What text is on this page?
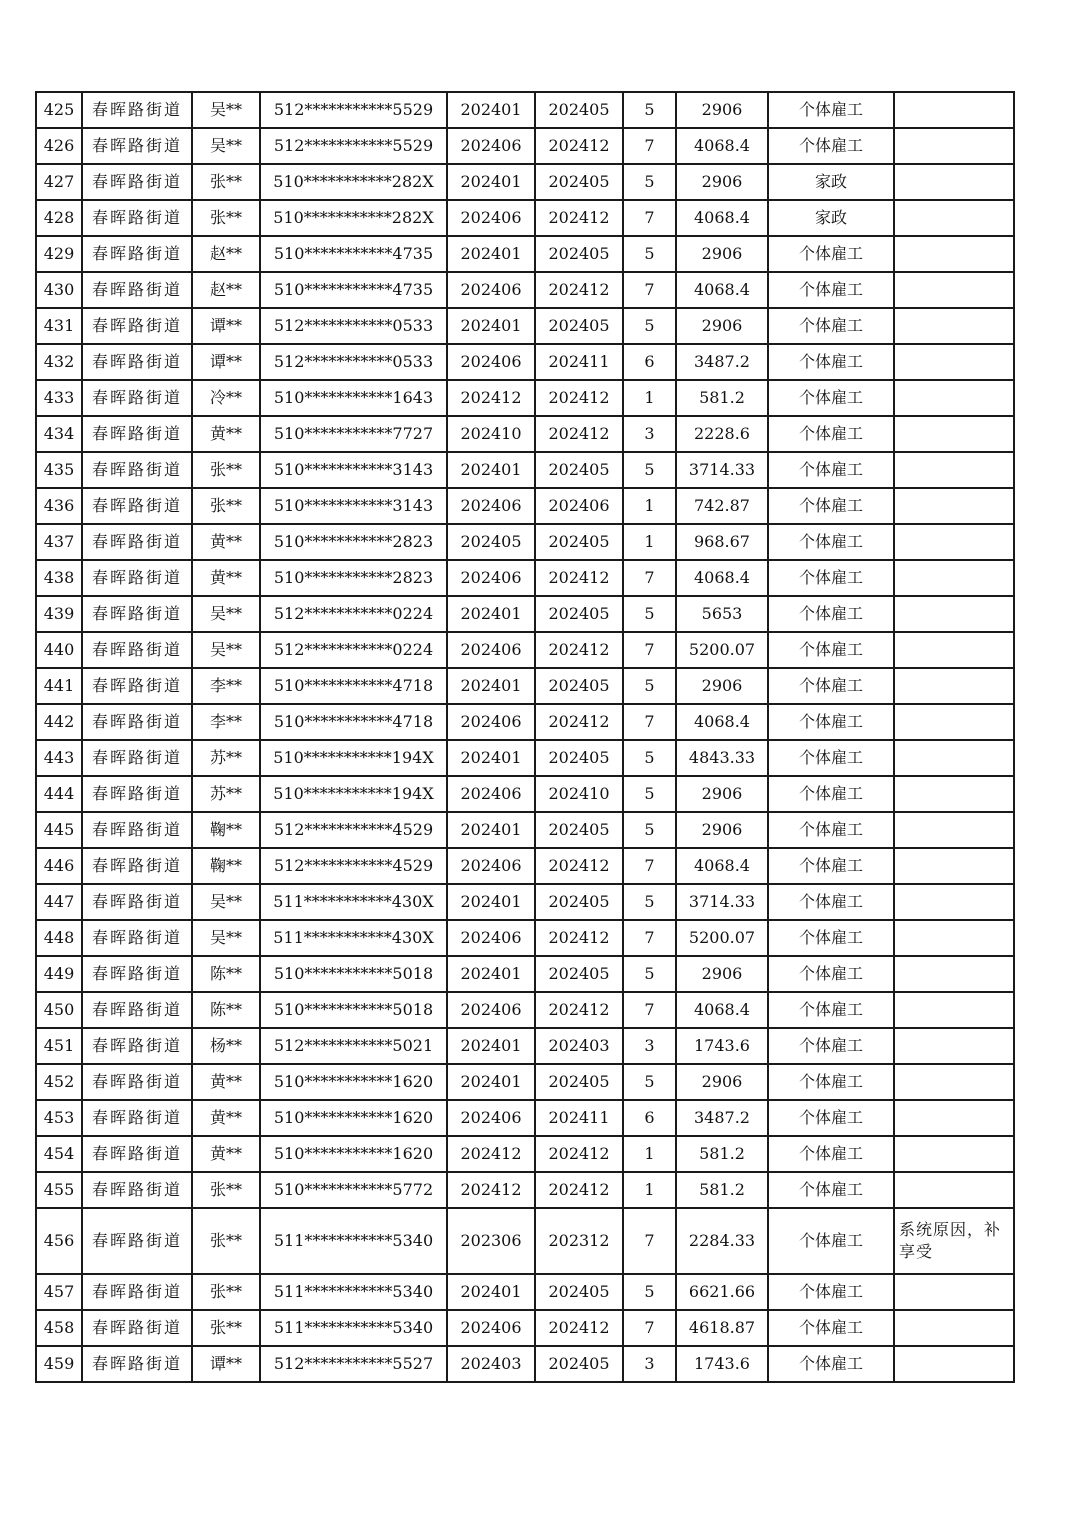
425	春晖路街道	吴**	512***********5529	202401	202405	5	2906	个体雇工	
426	春晖路街道	吴**	512***********5529	202406	202412	7	4068.4	个体雇工	
427	春晖路街道	张**	510***********282X	202401	202405	5	2906	家政	
428	春晖路街道	张**	510***********282X	202406	202412	7	4068.4	家政	
429	春晖路街道	赵**	510***********4735	202401	202405	5	2906	个体雇工	
430	春晖路街道	赵**	510***********4735	202406	202412	7	4068.4	个体雇工	
431	春晖路街道	谭**	512***********0533	202401	202405	5	2906	个体雇工	
432	春晖路街道	谭**	512***********0533	202406	202411	6	3487.2	个体雇工	
433	春晖路街道	冷**	510***********1643	202412	202412	1	581.2	个体雇工	
434	春晖路街道	黄**	510***********7727	202410	202412	3	2228.6	个体雇工	
435	春晖路街道	张**	510***********3143	202401	202405	5	3714.33	个体雇工	
436	春晖路街道	张**	510***********3143	202406	202406	1	742.87	个体雇工	
437	春晖路街道	黄**	510***********2823	202405	202405	1	968.67	个体雇工	
438	春晖路街道	黄**	510***********2823	202406	202412	7	4068.4	个体雇工	
439	春晖路街道	吴**	512***********0224	202401	202405	5	5653	个体雇工	
440	春晖路街道	吴**	512***********0224	202406	202412	7	5200.07	个体雇工	
441	春晖路街道	李**	510***********4718	202401	202405	5	2906	个体雇工	
442	春晖路街道	李**	510***********4718	202406	202412	7	4068.4	个体雇工	
443	春晖路街道	苏**	510***********194X	202401	202405	5	4843.33	个体雇工	
444	春晖路街道	苏**	510***********194X	202406	202410	5	2906	个体雇工	
445	春晖路街道	鞠**	512***********4529	202401	202405	5	2906	个体雇工	
446	春晖路街道	鞠**	512***********4529	202406	202412	7	4068.4	个体雇工	
447	春晖路街道	吴**	511***********430X	202401	202405	5	3714.33	个体雇工	
448	春晖路街道	吴**	511***********430X	202406	202412	7	5200.07	个体雇工	
449	春晖路街道	陈**	510***********5018	202401	202405	5	2906	个体雇工	
450	春晖路街道	陈**	510***********5018	202406	202412	7	4068.4	个体雇工	
451	春晖路街道	杨**	512***********5021	202401	202403	3	1743.6	个体雇工	
452	春晖路街道	黄**	510***********1620	202401	202405	5	2906	个体雇工	
453	春晖路街道	黄**	510***********1620	202406	202411	6	3487.2	个体雇工	
454	春晖路街道	黄**	510***********1620	202412	202412	1	581.2	个体雇工	
455	春晖路街道	张**	510***********5772	202412	202412	1	581.2	个体雇工	
456	春晖路街道	张**	511***********5340	202306	202312	7	2284.33	个体雇工	系统原因，补享受
457	春晖路街道	张**	511***********5340	202401	202405	5	6621.66	个体雇工	
458	春晖路街道	张**	511***********5340	202406	202412	7	4618.87	个体雇工	
459	春晖路街道	谭**	512***********5527	202403	202405	3	1743.6	个体雇工	
